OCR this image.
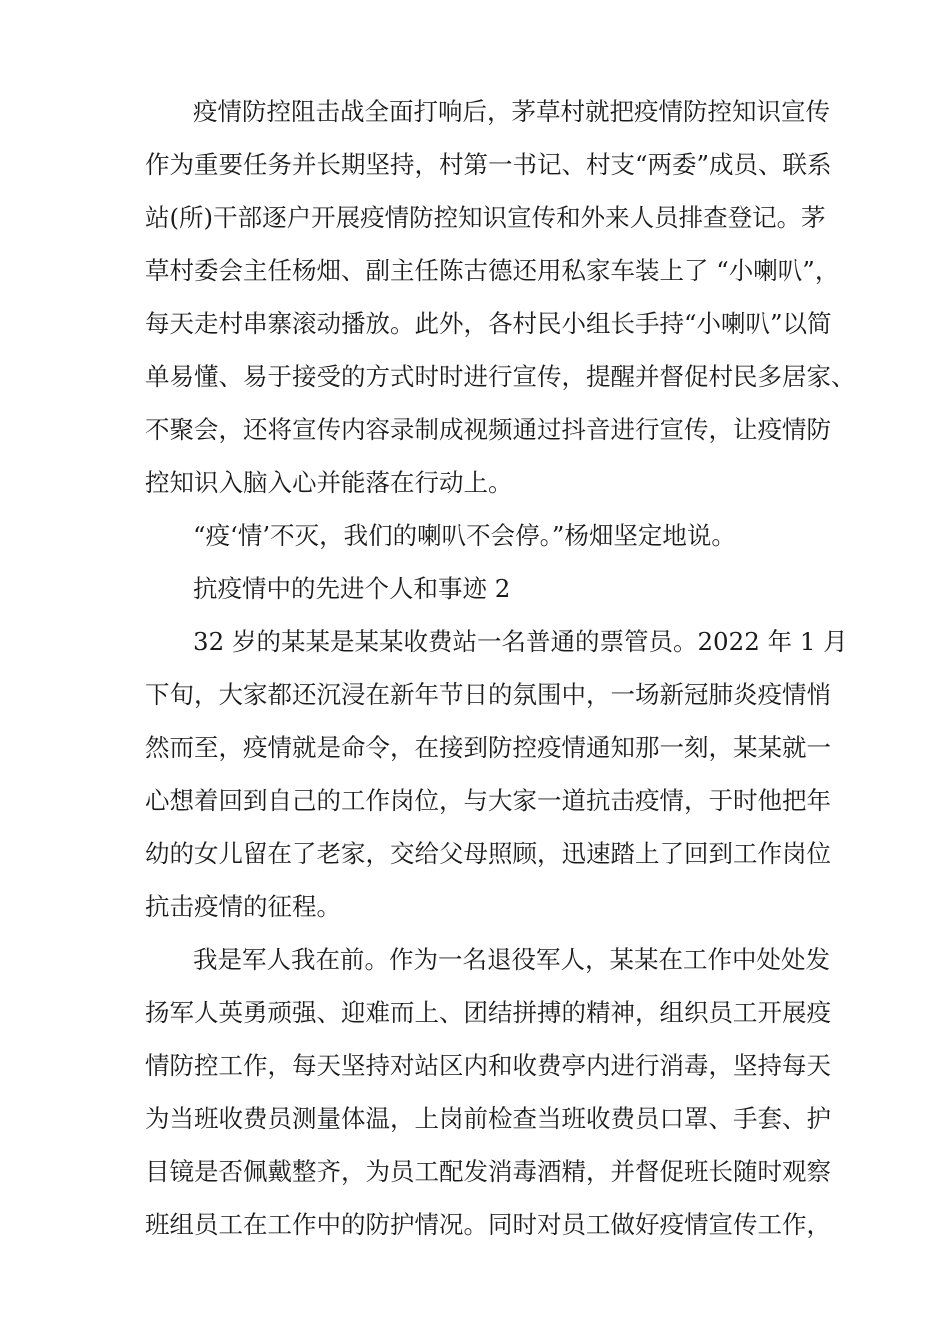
疫情防控阻击战全面打响后，茅草村就把疫情防控知识宣传

作为重要任务并长期坚持，村第一书记、村支“两委”成员、联系

站(所)干部逐户开展疫情防控知识宣传和外来人员排查登记。茅

草村委会主任杨畑、副主任陈古德还用私家车装上了 “小喇叭”，

每天走村串寨滚动播放。此外，各村民小组长手持“小喇叭”以简

单易懂、易于接受的方式时时进行宣传，提醒并督促村民多居家、

不聚会，还将宣传内容录制成视频通过抖音进行宣传，让疫情防

控知识入脑入心并能落在行动上。

“疫‘情’不灭，我们的喇叭不会停。”杨畑坚定地说。

抗疫情中的先进个人和事迹 2

32 岁的某某是某某收费站一名普通的票管员。2022 年 1 月

下旬，大家都还沉浸在新年节日的氛围中，一场新冠肺炎疫情悄

然而至，疫情就是命令，在接到防控疫情通知那一刻，某某就一

心想着回到自己的工作岗位，与大家一道抗击疫情，于时他把年

幼的女儿留在了老家，交给父母照顾，迅速踏上了回到工作岗位

抗击疫情的征程。

我是军人我在前。作为一名退役军人，某某在工作中处处发

扬军人英勇顽强、迎难而上、团结拼搏的精神，组织员工开展疫

情防控工作，每天坚持对站区内和收费亭内进行消毒，坚持每天

为当班收费员测量体温，上岗前检查当班收费员口罩、手套、护

目镜是否佩戴整齐，为员工配发消毒酒精，并督促班长随时观察

班组员工在工作中的防护情况。同时对员工做好疫情宣传工作，
